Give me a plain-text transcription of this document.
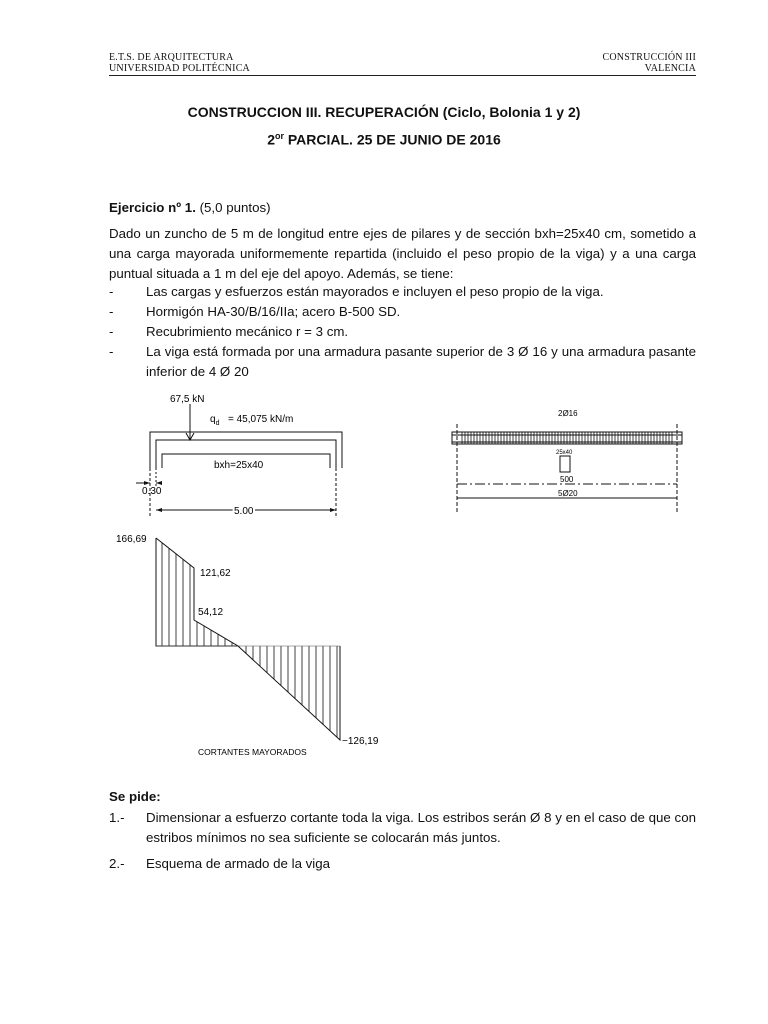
E.T.S. DE ARQUITECTURA
UNIVERSIDAD POLITÉCNICA
CONSTRUCCIÓN III
VALENCIA
CONSTRUCCION III. RECUPERACIÓN (Ciclo, Bolonia 1 y 2)
$2^{or}$ PARCIAL. 25 DE JUNIO DE 2016
Ejercicio nº 1. (5,0 puntos)
Dado un zuncho de 5 m de longitud entre ejes de pilares y de sección bxh=25x40 cm, sometido a una carga mayorada uniformemente repartida (incluido el peso propio de la viga) y a una carga puntual situada a 1 m del eje del apoyo. Además, se tiene:
-	Las cargas y esfuerzos están mayorados e incluyen el peso propio de la viga.
-	Hormigón HA-30/B/16/IIa; acero B-500 SD.
-	Recubrimiento mecánico r = 3 cm.
-	La viga está formada por una armadura pasante superior de 3 Ø 16 y una armadura pasante inferior de 4 Ø 20
67,5 kN
$q_d = 45,075$ kN/m
bxh=25x40
0.30
5.00
2Ø16
25x40
500
5Ø20
166,69
121,62
54,12
−126,19
CORTANTES MAYORADOS
Se pide:
1.-	Dimensionar a esfuerzo cortante toda la viga. Los estribos serán Ø 8 y en el caso de que con estribos mínimos no sea suficiente se colocarán más juntos.
2.-	Esquema de armado de la viga
